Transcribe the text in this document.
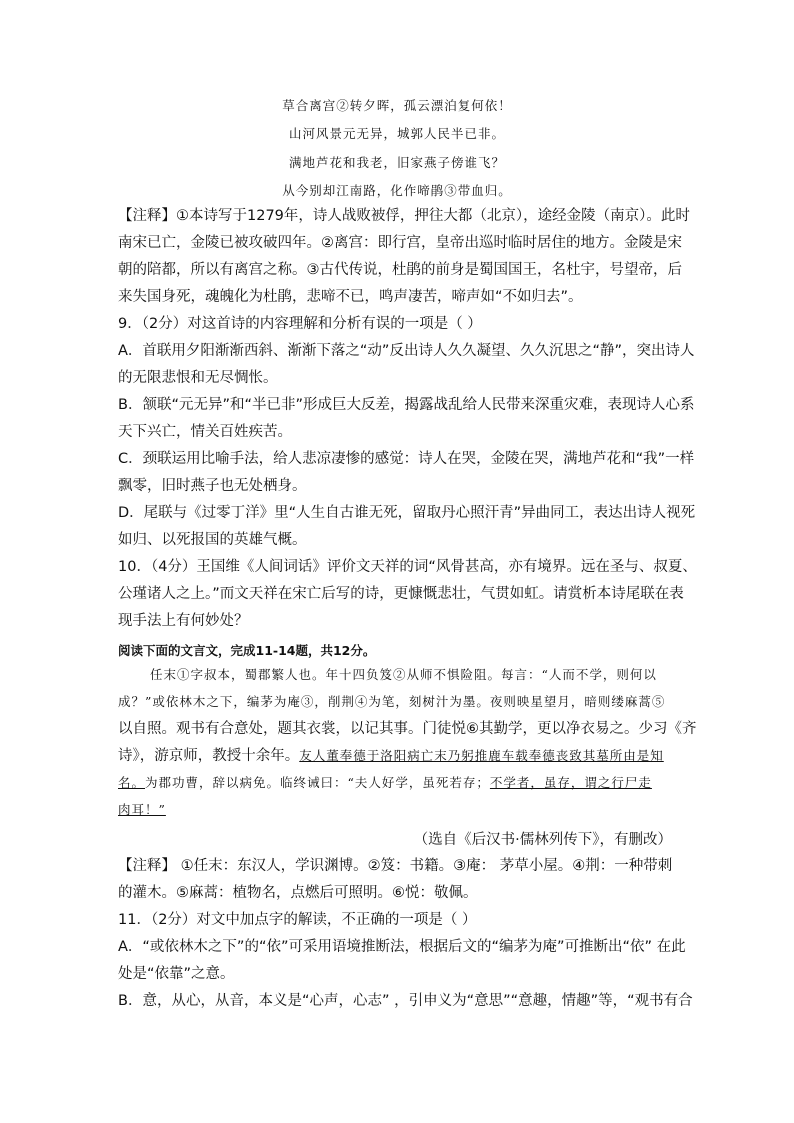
草合离宫②转夕晖，孤云漂泊复何依！
山河风景元无异，城郭人民半已非。
满地芦花和我老，旧家燕子傍谁飞？
从今别却江南路，化作啼鹃③带血归。
【注释】①本诗写于1279年，诗人战败被俘，押往大都（北京），途经金陵（南京）。此时
南宋已亡，金陵已被攻破四年。②离宫：即行宫，皇帝出巡时临时居住的地方。金陵是宋
朝的陪都，所以有离宫之称。③古代传说，杜鹃的前身是蜀国国王，名杜宇，号望帝，后
来失国身死，魂魄化为杜鹃，悲啼不已，鸣声凄苦，啼声如“不如归去”。
9．（2分）对这首诗的内容理解和分析有误的一项是（ ）
A．首联用夕阳渐渐西斜、渐渐下落之“动”反出诗人久久凝望、久久沉思之“静”，突出诗人
的无限悲恨和无尽惆怅。
B．颔联“元无异”和“半已非”形成巨大反差，揭露战乱给人民带来深重灾难，表现诗人心系
天下兴亡，情关百姓疾苦。
C．颈联运用比喻手法，给人悲凉凄惨的感觉：诗人在哭，金陵在哭，满地芦花和“我”一样
飘零，旧时燕子也无处栖身。
D．尾联与《过零丁洋》里“人生自古谁无死，留取丹心照汗青”异曲同工，表达出诗人视死
如归、以死报国的英雄气概。
10．（4分）王国维《人间词话》评价文天祥的词“风骨甚高，亦有境界。远在圣与、叔夏、
公瑾诸人之上。”而文天祥在宋亡后写的诗，更慷慨悲壮，气贯如虹。请赏析本诗尾联在表
现手法上有何妙处？
阅读下面的文言文，完成11-14题，共12分。
任末①字叔本，蜀郡繁人也。年十四负笈②从师不惧险阻。每言：“人而不学，则何以
成？”或依林木之下，编茅为庵③，削荆④为笔，刻树汁为墨。夜则映星望月，暗则缕麻蒿⑤
以自照。观书有合意处，题其衣裳，以记其事。门徒悦⑥其勤学，更以净衣易之。少习《齐
诗》，游京师，教授十余年。友人董奉德于洛阳病亡末乃躬推鹿车载奉德丧致其墓所由是知
名。为郡功曹，辞以病免。临终诫曰：“夫人好学，虽死若存；不学者，虽存，谓之行尸走
肉耳！”
（选自《后汉书·儒林列传下》，有删改）
【注释】 ①任末：东汉人，学识渊博。②笈：书籍。③庵： 茅草小屋。④荆：一种带刺
的灌木。⑤麻蒿：植物名，点燃后可照明。⑥悦：敬佩。
11．（2分）对文中加点字的解读，不正确的一项是（ ）
A．“或依林木之下”的“依”可采用语境推断法，根据后文的“编茅为庵”可推断出“依” 在此
处是“依靠”之意。
B．意，从心，从音，本义是“心声，心志” ，引申义为“意思”“意趣，情趣”等，“观书有合
